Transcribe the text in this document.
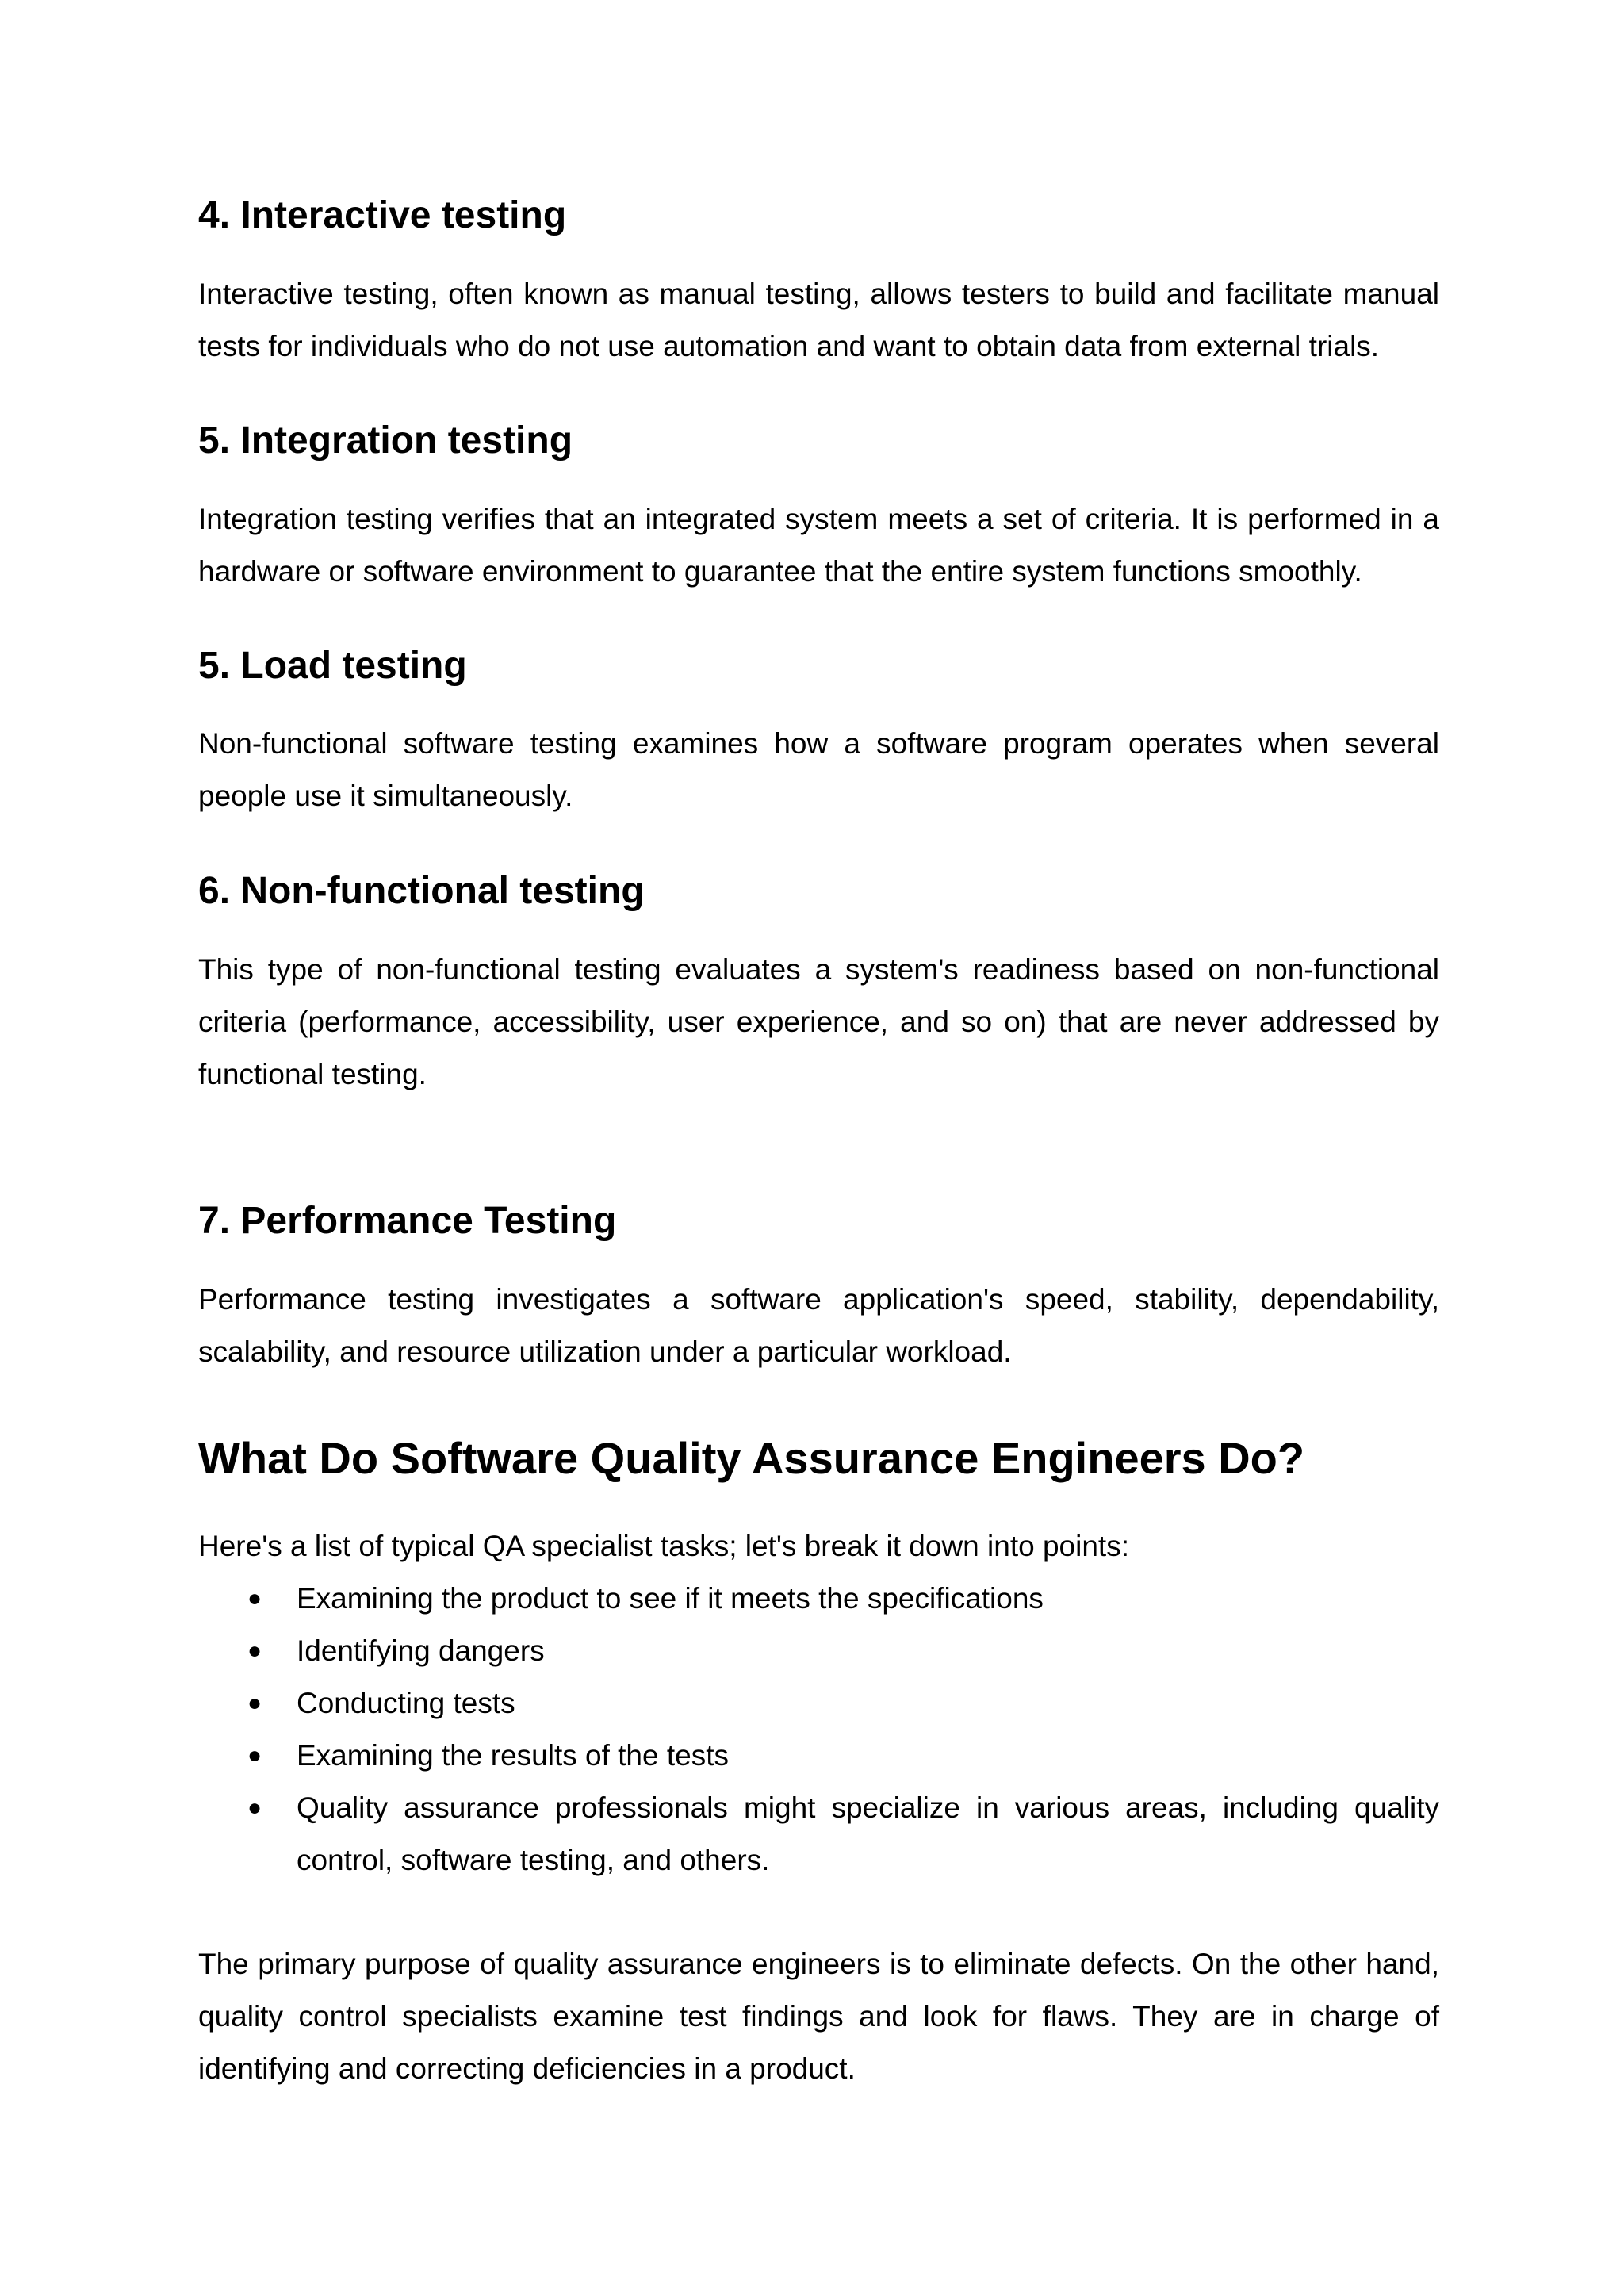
4. Interactive testing

Interactive testing, often known as manual testing, allows testers to build and facilitate manual tests for individuals who do not use automation and want to obtain data from external trials.

5. Integration testing

Integration testing verifies that an integrated system meets a set of criteria. It is performed in a hardware or software environment to guarantee that the entire system functions smoothly.

5. Load testing

Non-functional software testing examines how a software program operates when several people use it simultaneously.

6. Non-functional testing

This type of non-functional testing evaluates a system's readiness based on non-functional criteria (performance, accessibility, user experience, and so on) that are never addressed by functional testing.

7. Performance Testing

Performance testing investigates a software application's speed, stability, dependability, scalability, and resource utilization under a particular workload.

What Do Software Quality Assurance Engineers Do?

Here's a list of typical QA specialist tasks; let's break it down into points:

●	Examining the product to see if it meets the specifications
●	Identifying dangers
●	Conducting tests
●	Examining the results of the tests
●	Quality assurance professionals might specialize in various areas, including quality control, software testing, and others.

The primary purpose of quality assurance engineers is to eliminate defects. On the other hand, quality control specialists examine test findings and look for flaws. They are in charge of identifying and correcting deficiencies in a product.
